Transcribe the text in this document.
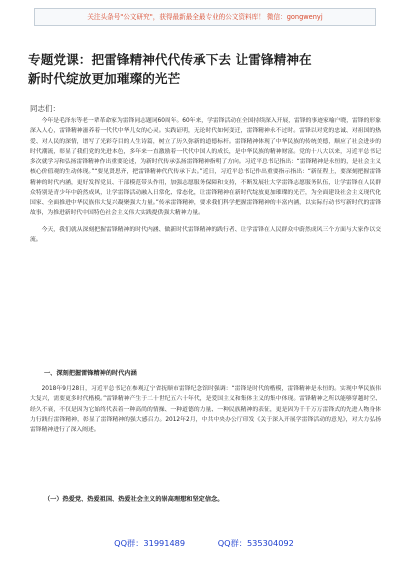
关注头条号"公文研究"，获得最新最全最专业的公文资料库！ 微信：gongwenyj
专题党课：把雷锋精神代代传承下去 让雷锋精神在
新时代绽放更加璀璨的光芒
同志们：

今年是毛泽东等老一辈革命家为雷锋同志题词60周年。60年来，学雷锋活动在全国持续深入开展，雷锋的事迹家喻户晓，雷锋的形象深入人心，雷锋精神滋养着一代代中华儿女的心灵。实践证明，无论时代如何变迁，雷锋精神永不过时。雷锋以对党的忠诚、对祖国的热爱、对人民的深情，谱写了光彩夺目的人生诗篇，树立了历久弥新的道德标杆。雷锋精神体现了中华民族的传统美德，顺应了社会进步的时代潮流，彰显了我们党的先进本色，多年来一直激励着一代代中国人的成长，是中华民族的精神财富。党的十八大以来，习近平总书记多次就学习和弘扬雷锋精神作出重要论述，为新时代传承弘扬雷锋精神指明了方向。习近平总书记指出：“雷锋精神是永恒的，是社会主义核心价值观的生动体现。”“要见贤思齐，把雷锋精神代代传承下去。”近日，习近平总书记作出重要指示指出：“新征程上，要深刻把握雷锋精神的时代内涵，更好发挥党员、干部模范带头作用，加强志愿服务保障和支持，不断发展壮大学雷锋志愿服务队伍，让学雷锋在人民群众特别是青少年中蔚然成风，让学雷锋活动融入日常化、常态化，让雷锋精神在新时代绽放更加璀璨的光芒，为全面建设社会主义现代化国家、全面推进中华民族伟大复兴凝聚强大力量。”传承雷锋精神，要求我们科学把握雷锋精神的丰富内涵，以实际行动书写新时代的雷锋故事，为推进新时代中国特色社会主义伟大实践提供强大精神力量。

今天，我们就从深刻把握雷锋精神的时代内涵、做新时代雷锋精神的践行者、让学雷锋在人民群众中蔚然成风三个方面与大家作以交流。

一、深刻把握雷锋精神的时代内涵

2018年9月28日，习近平总书记在参观辽宁省抚顺市雷锋纪念馆时强调：“雷锋是时代的楷模，雷锋精神是永恒的。实现中华民族伟大复兴，需要更多时代楷模。”雷锋精神产生于二十世纪五六十年代，是爱国主义和集体主义的集中体现。雷锋精神之所以能够穿越时空、经久不衰，不仅是因为它始终代表着一种高尚的情操、一种道德的力量、一种民族精神的表征，更是因为千千万万雷锋式的先进人物身体力行践行雷锋精神，彰显了雷锋精神的强大感召力。2012年2月，中共中央办公厅印发《关于深入开展学雷锋活动的意见》，对大力弘扬雷锋精神进行了深入阐述。

（一）热爱党、热爱祖国、热爱社会主义的崇高理想和坚定信念。
QQ群：31991489	QQ群：535304092
